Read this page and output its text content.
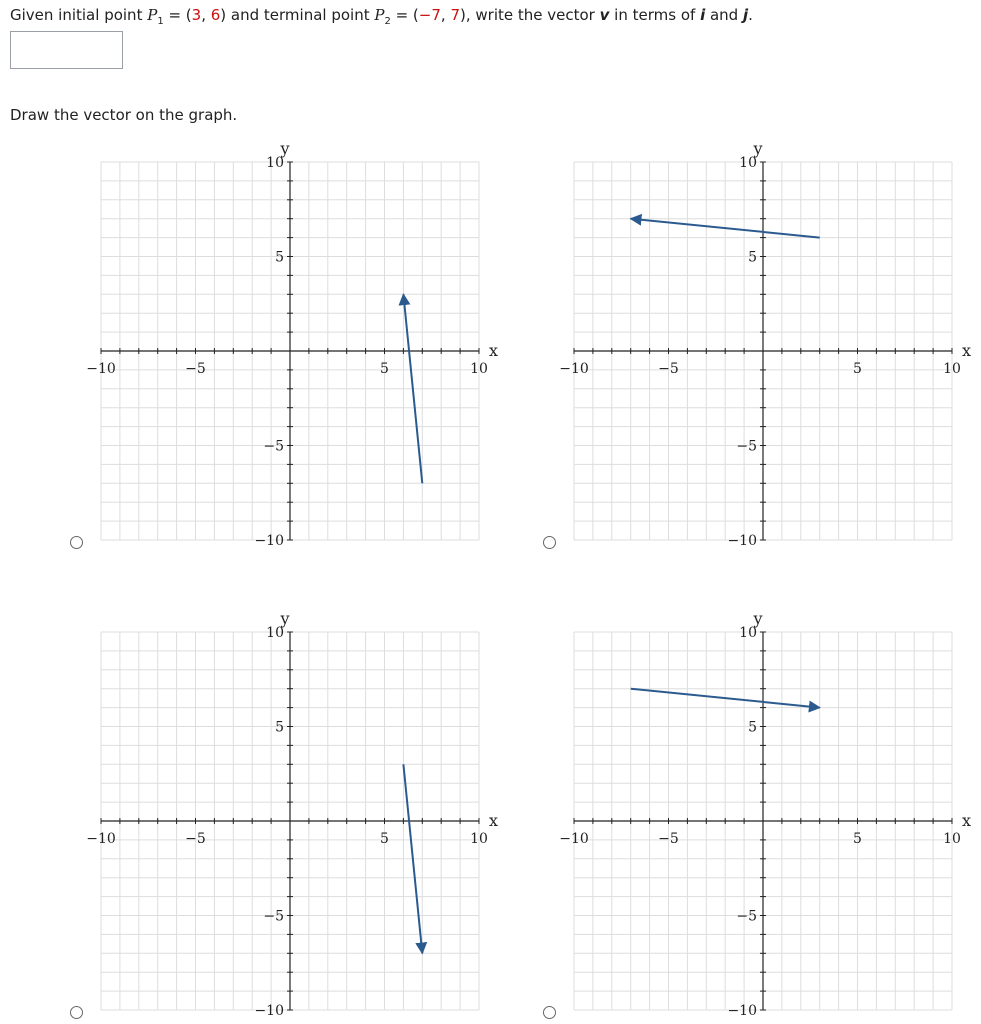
Given initial point $P_1 = (3$, 6) and terminal point $P_2 = (-7$, 7), write the vector v in terms of i and j.
Draw the vector on the graph.
−10	−5	5	10
10
5
−5
−10
x
y
−10	−5	5	10
10
5
−5
−10
x
y
−10	−5	5	10
10
5
−5
−10
x
y
−10	−5	5	10
10
5
−5
−10
x
y
